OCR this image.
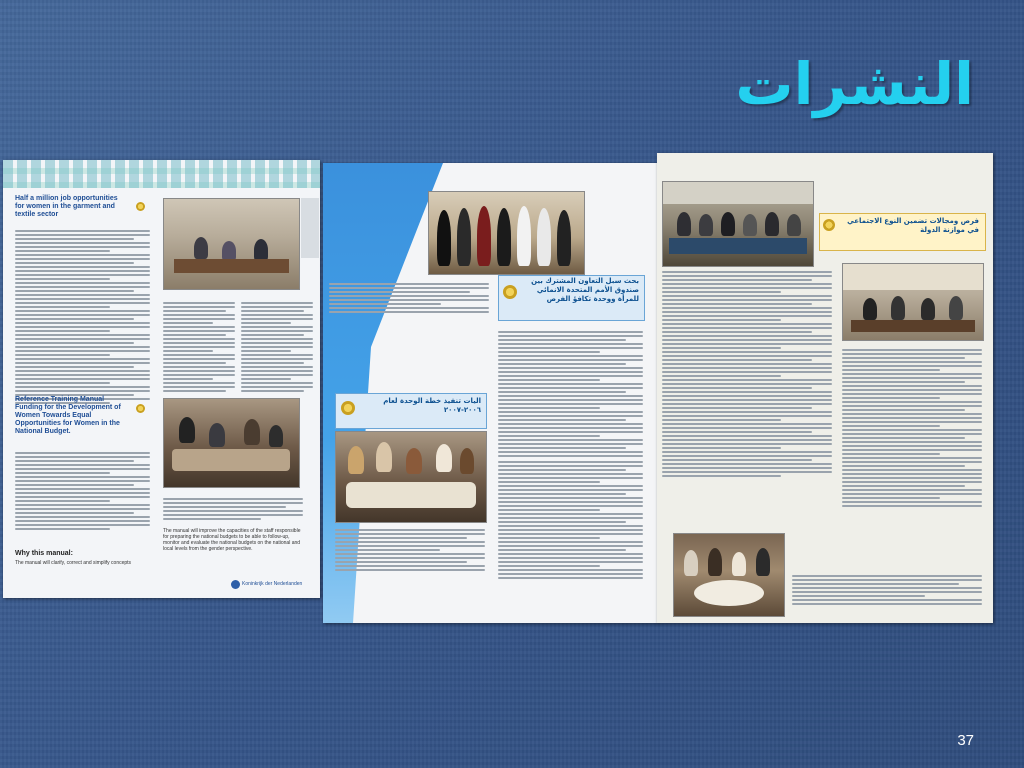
النشرات
Half a million job opportunities for women in the garment and textile sector
Reference Training Manual Funding for the Development of Women Towards Equal Opportunities for Women in the National Budget.
Why this manual:
The manual will clarify, correct and simplify concepts
The manual will improve the capacities of the staff responsible for preparing the national budgets to be able to follow-up, monitor and evaluate the national budgets on the national and local levels from the gender perspective.
Koninkrijk der Nederlanden
بحث سبل التعاون المشترك بين صندوق الأمم المتحدة الانمائي للمرأة ووحدة تكافؤ الفرص
اليات تنفيذ خطة الوحدة لعام ٢٠٠٦-٢٠٠٧
فرص ومجالات تضمين النوع الاجتماعي في موازنة الدولة
37
